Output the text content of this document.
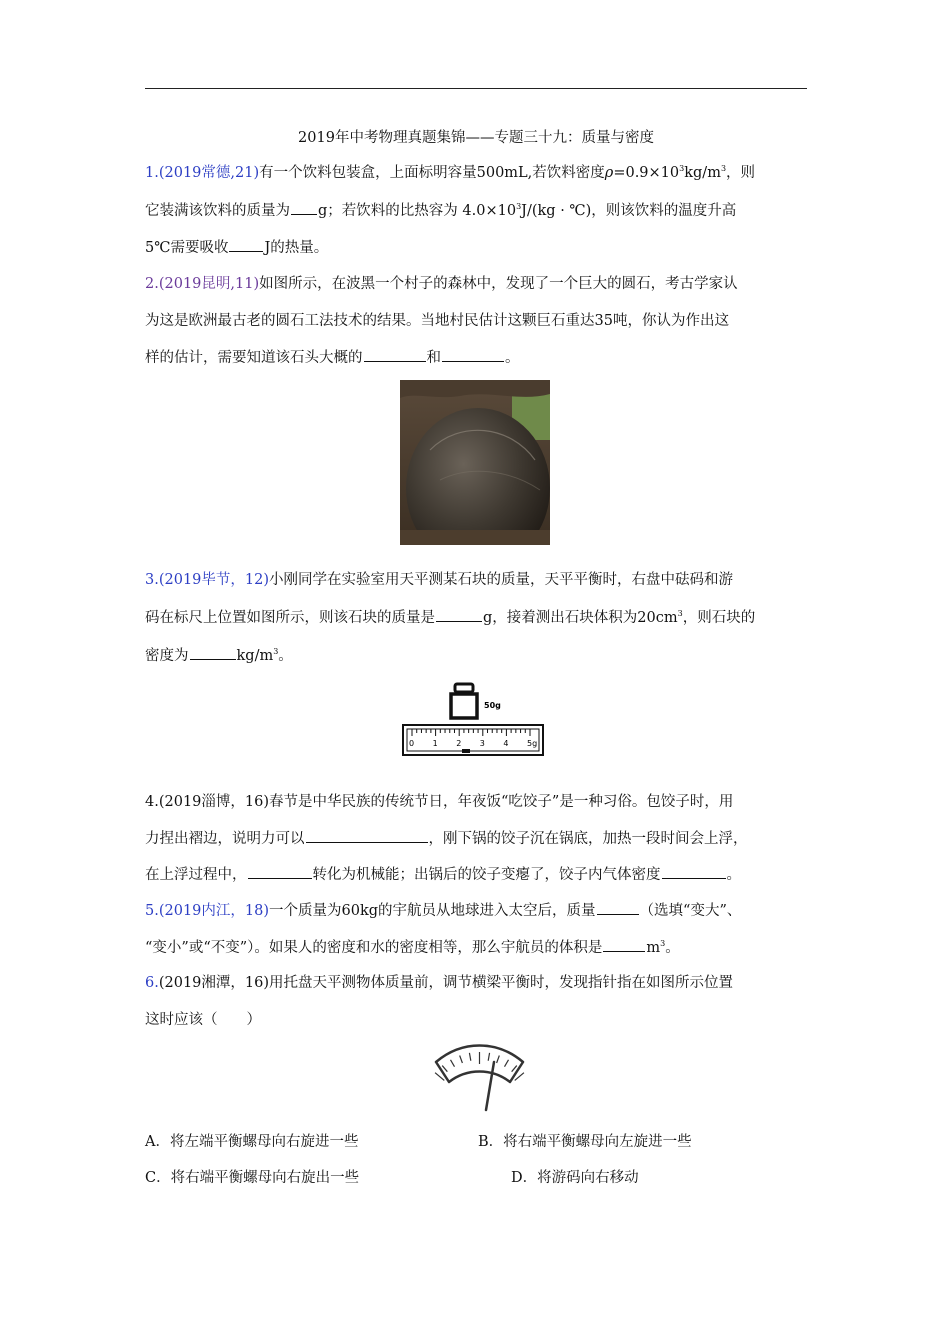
2019年中考物理真题集锦——专题三十九：质量与密度
1.(2019常德,21)有一个饮料包装盒，上面标明容量500mL,若饮料密度$\rho=0.9\times 10^3kg/m^3$，则
它装满该饮料的质量为 g；若饮料的比热容为 $4.0\times 10^3J/(kg$ · ℃)，则该饮料的温度升高
5℃需要吸收 J的热量。
2.(2019昆明,11)如图所示，在波黑一个村子的森林中，发现了一个巨大的圆石，考古学家认
为这是欧洲最古老的圆石工法技术的结果。当地村民估计这颗巨石重达35吨，你认为作出这
样的估计，需要知道该石头大概的	和	。
3.(2019毕节，12)小刚同学在实验室用天平测某石块的质量，天平平衡时，右盘中砝码和游
码在标尺上位置如图所示，则该石块的质量是	g，接着测出石块体积为$20cm^3$，则石块的
密度为	$kg/m^3$。
50g
0 1 2 3 4 5g
4.(2019淄博，16)春节是中华民族的传统节日，年夜饭“吃饺子”是一种习俗。包饺子时，用
力捏出褶边，说明力可以	，刚下锅的饺子沉在锅底，加热一段时间会上浮，
在上浮过程中，	转化为机械能；出锅后的饺子变瘪了，饺子内气体密度	。
5.(2019内江，18)一个质量为60kg的宇航员从地球进入太空后，质量	（选填“变大”、
“变小”或“不变”）。如果人的密度和水的密度相等，那么宇航员的体积是	$m^3$。
6.(2019湘潭，16)用托盘天平测物体质量前，调节横梁平衡时，发现指针指在如图所示位置
这时应该（　　）
A．将左端平衡螺母向右旋进一些	B．将右端平衡螺母向左旋进一些
C．将右端平衡螺母向右旋出一些	D．将游码向右移动
